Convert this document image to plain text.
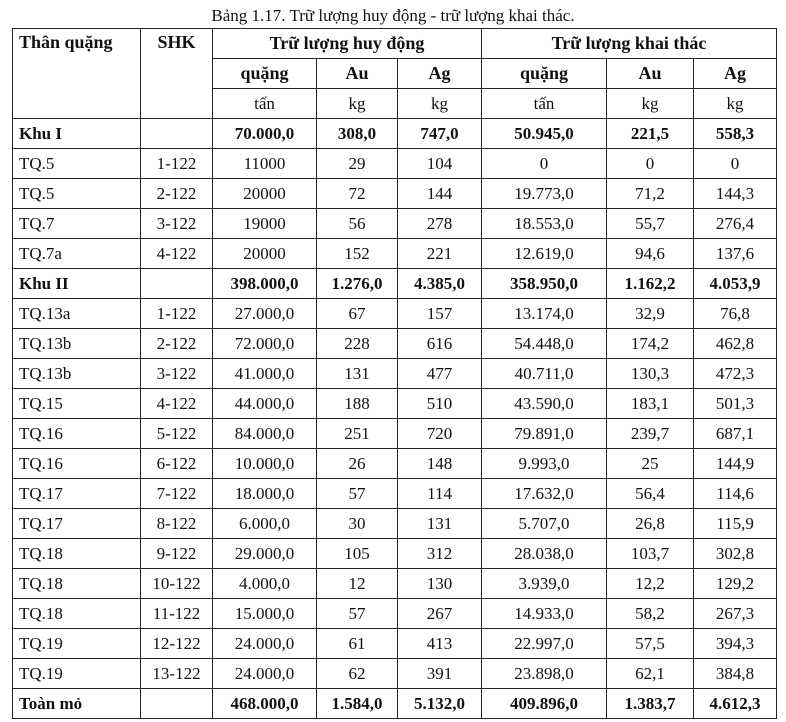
Bảng 1.17. Trữ lượng huy động - trữ lượng khai thác.
Thân quặng	SHK	Trữ lượng huy động			Trữ lượng khai thác		
		quặng	Au	Ag	quặng	Au	Ag
		tấn	kg	kg	tấn	kg	kg
Khu I		70.000,0	308,0	747,0	50.945,0	221,5	558,3
TQ.5	1-122	11000	29	104	0	0	0
TQ.5	2-122	20000	72	144	19.773,0	71,2	144,3
TQ.7	3-122	19000	56	278	18.553,0	55,7	276,4
TQ.7a	4-122	20000	152	221	12.619,0	94,6	137,6
Khu II		398.000,0	1.276,0	4.385,0	358.950,0	1.162,2	4.053,9
TQ.13a	1-122	27.000,0	67	157	13.174,0	32,9	76,8
TQ.13b	2-122	72.000,0	228	616	54.448,0	174,2	462,8
TQ.13b	3-122	41.000,0	131	477	40.711,0	130,3	472,3
TQ.15	4-122	44.000,0	188	510	43.590,0	183,1	501,3
TQ.16	5-122	84.000,0	251	720	79.891,0	239,7	687,1
TQ.16	6-122	10.000,0	26	148	9.993,0	25	144,9
TQ.17	7-122	18.000,0	57	114	17.632,0	56,4	114,6
TQ.17	8-122	6.000,0	30	131	5.707,0	26,8	115,9
TQ.18	9-122	29.000,0	105	312	28.038,0	103,7	302,8
TQ.18	10-122	4.000,0	12	130	3.939,0	12,2	129,2
TQ.18	11-122	15.000,0	57	267	14.933,0	58,2	267,3
TQ.19	12-122	24.000,0	61	413	22.997,0	57,5	394,3
TQ.19	13-122	24.000,0	62	391	23.898,0	62,1	384,8
Toàn mỏ		468.000,0	1.584,0	5.132,0	409.896,0	1.383,7	4.612,3
